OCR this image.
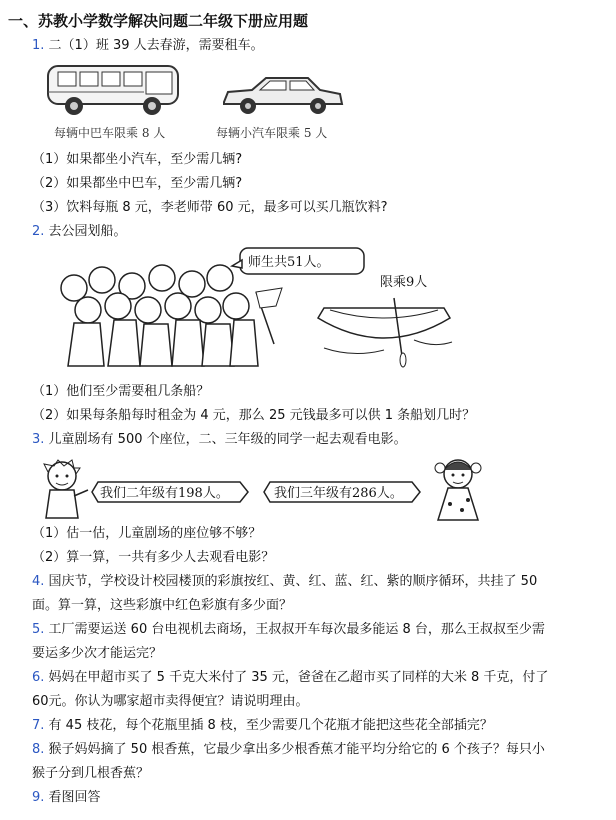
一、苏教小学数学解决问题二年级下册应用题
1. 二（1）班 39 人去春游，需要租车。
每辆中巴车限乘 8 人	每辆小汽车限乘 5 人
（1）如果都坐小汽车，至少需几辆?
（2）如果都坐中巴车，至少需几辆?
（3）饮料每瓶 8 元，李老师带 60 元，最多可以买几瓶饮料?
2. 去公园划船。
师生共51人。
限乘9人
（1）他们至少需要租几条船？
（2）如果每条船每时租金为 4 元，那么 25 元钱最多可以供 1 条船划几时？
3. 儿童剧场有 500 个座位，二、三年级的同学一起去观看电影。
我们二年级有198人。	我们三年级有286人。
（1）估一估，儿童剧场的座位够不够？
（2）算一算，一共有多少人去观看电影？
4. 国庆节，学校设计校园楼顶的彩旗按红、黄、红、蓝、红、紫的顺序循环，共挂了 50
面。算一算，这些彩旗中红色彩旗有多少面？
5. 工厂需要运送 60 台电视机去商场，王叔叔开车每次最多能运 8 台，那么王叔叔至少需
要运多少次才能运完？
6. 妈妈在甲超市买了 5 千克大米付了 35 元，爸爸在乙超市买了同样的大米 8 千克，付了
60元。你认为哪家超市卖得便宜？请说明理由。
7. 有 45 枝花，每个花瓶里插 8 枝，至少需要几个花瓶才能把这些花全部插完？
8. 猴子妈妈摘了 50 根香蕉，它最少拿出多少根香蕉才能平均分给它的 6 个孩子？每只小
猴子分到几根香蕉？
9. 看图回答
